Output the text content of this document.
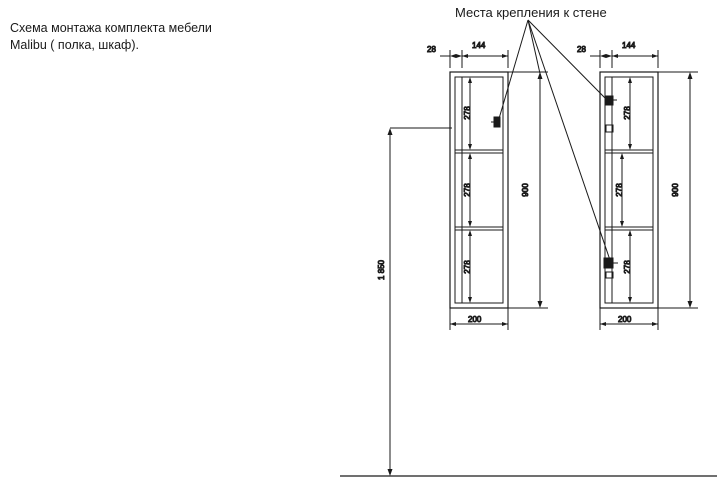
Схема монтажа комплекта мебели
Malibu ( полка, шкаф).
Места крепления к стене
28	144
278
278
278
900
200
28	144
278
278
278
900
200
1 850
